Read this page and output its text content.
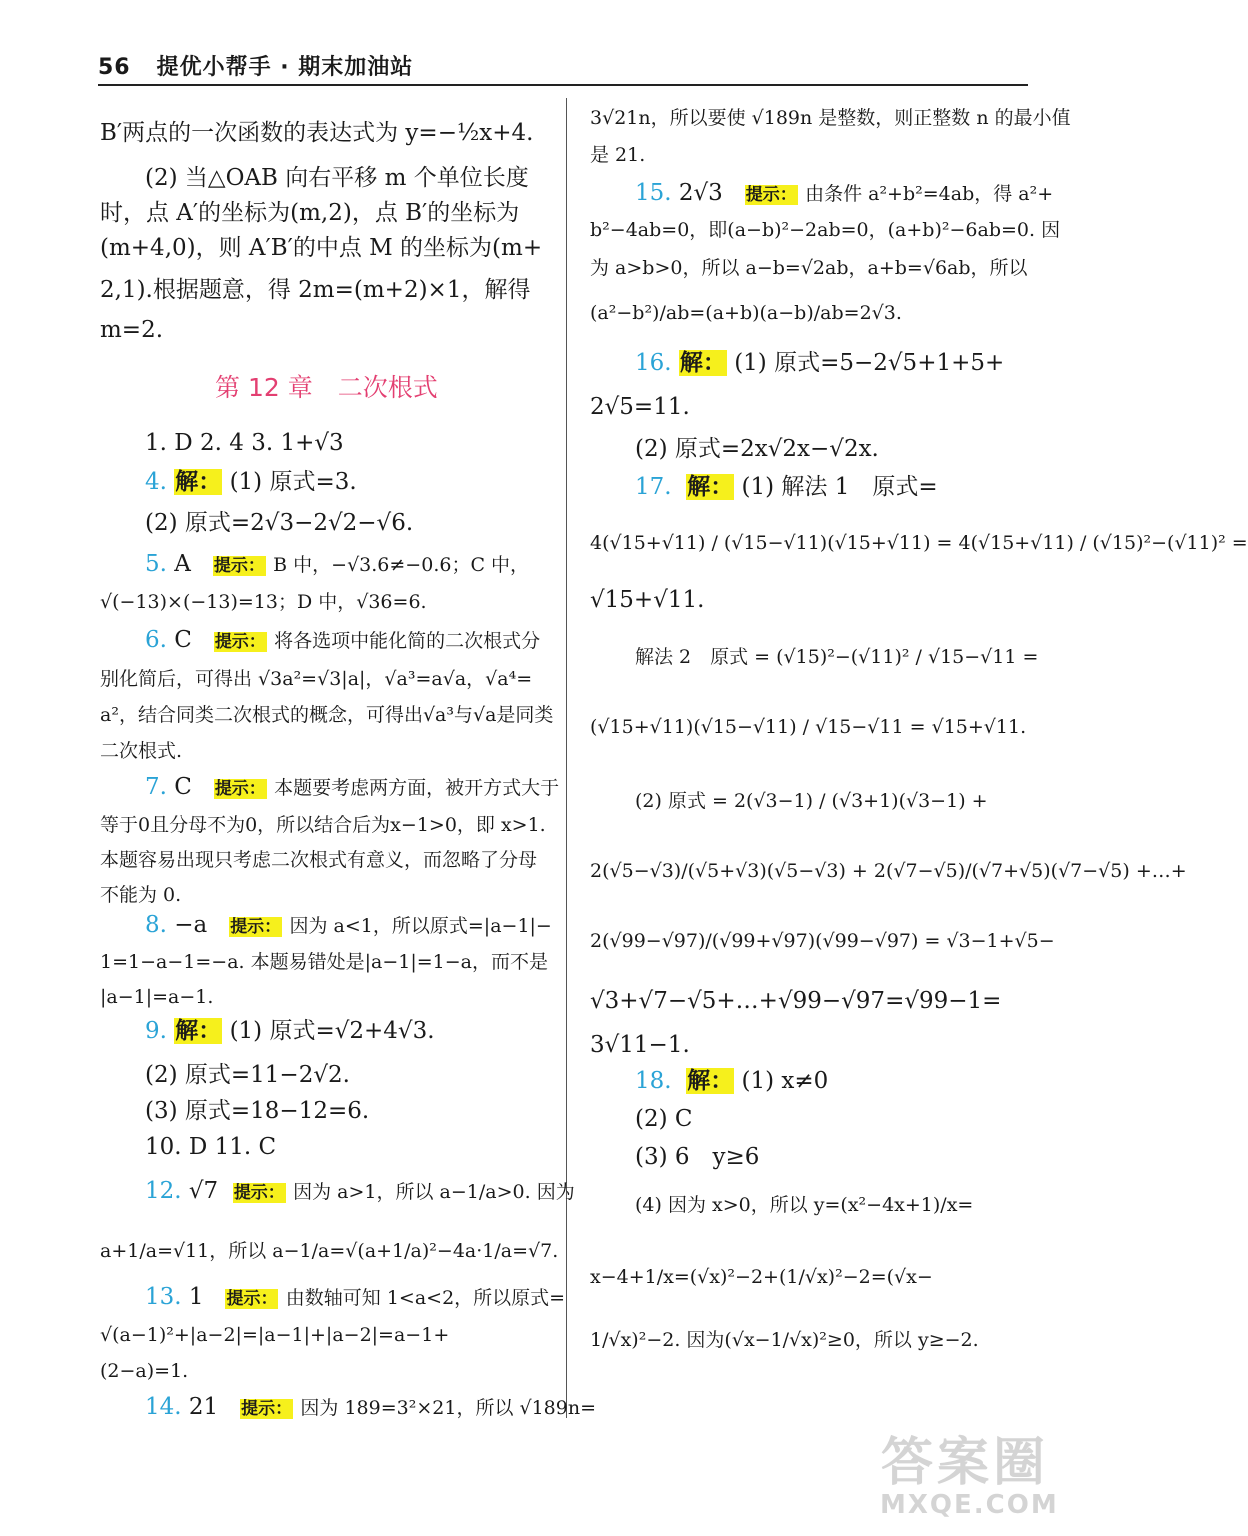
56 提优小帮手 · 期末加油站
B′两点的一次函数的表达式为 y=−½x+4.
(2) 当△OAB 向右平移 m 个单位长度
时，点 A′的坐标为(m,2)，点 B′的坐标为
(m+4,0)，则 A′B′的中点 M 的坐标为(m+
2,1).根据题意，得 2m=(m+2)×1，解得
m=2.
第 12 章　二次根式
1. D 2. 4 3. 1+√3
4. 解： (1) 原式=3.
(2) 原式=2√3−2√2−√6.
5. A 提示： B 中，−√3.6≠−0.6；C 中，
√(−13)×(−13)=13；D 中，√36=6.
6. C 提示： 将各选项中能化简的二次根式分
别化简后，可得出 √3a²=√3|a|，√a³=a√a，√a⁴=
a²，结合同类二次根式的概念，可得出√a³与√a是同类
二次根式.
7. C 提示： 本题要考虑两方面，被开方式大于
等于0且分母不为0，所以结合后为x−1>0，即 x>1.
本题容易出现只考虑二次根式有意义，而忽略了分母
不能为 0.
8. −a 提示： 因为 a<1，所以原式=|a−1|−
1=1−a−1=−a. 本题易错处是|a−1|=1−a，而不是
|a−1|=a−1.
9. 解： (1) 原式=√2+4√3.
(2) 原式=11−2√2.
(3) 原式=18−12=6.
10. D 11. C
12. √7 提示： 因为 a>1，所以 a−1/a>0. 因为
a+1/a=√11，所以 a−1/a=√(a+1/a)²−4a·1/a=√7.
13. 1 提示： 由数轴可知 1<a<2，所以原式=
√(a−1)²+|a−2|=|a−1|+|a−2|=a−1+
(2−a)=1.
14. 21 提示： 因为 189=3²×21，所以 √189n=
3√21n，所以要使 √189n 是整数，则正整数 n 的最小值
是 21.
15. 2√3 提示： 由条件 a²+b²=4ab，得 a²+
b²−4ab=0，即(a−b)²−2ab=0，(a+b)²−6ab=0. 因
为 a>b>0，所以 a−b=√2ab，a+b=√6ab，所以
(a²−b²)/ab=(a+b)(a−b)/ab=2√3.
16. 解： (1) 原式=5−2√5+1+5+
2√5=11.
(2) 原式=2x√2x−√2x.
17. 解： (1) 解法 1　原式=
4(√15+√11) / (√15−√11)(√15+√11) = 4(√15+√11) / (√15)²−(√11)² =
√15+√11.
解法 2　原式 = (√15)²−(√11)² / √15−√11 =
(√15+√11)(√15−√11) / √15−√11 = √15+√11.
(2) 原式 = 2(√3−1) / (√3+1)(√3−1) +
2(√5−√3)/(√5+√3)(√5−√3) + 2(√7−√5)/(√7+√5)(√7−√5) +…+
2(√99−√97)/(√99+√97)(√99−√97) = √3−1+√5−
√3+√7−√5+…+√99−√97=√99−1=
3√11−1.
18. 解： (1) x≠0
(2) C
(3) 6　y≥6
(4) 因为 x>0，所以 y=(x²−4x+1)/x=
x−4+1/x=(√x)²−2+(1/√x)²−2=(√x−
1/√x)²−2. 因为(√x−1/√x)²≥0，所以 y≥−2.
答案圈
MXQE.COM
